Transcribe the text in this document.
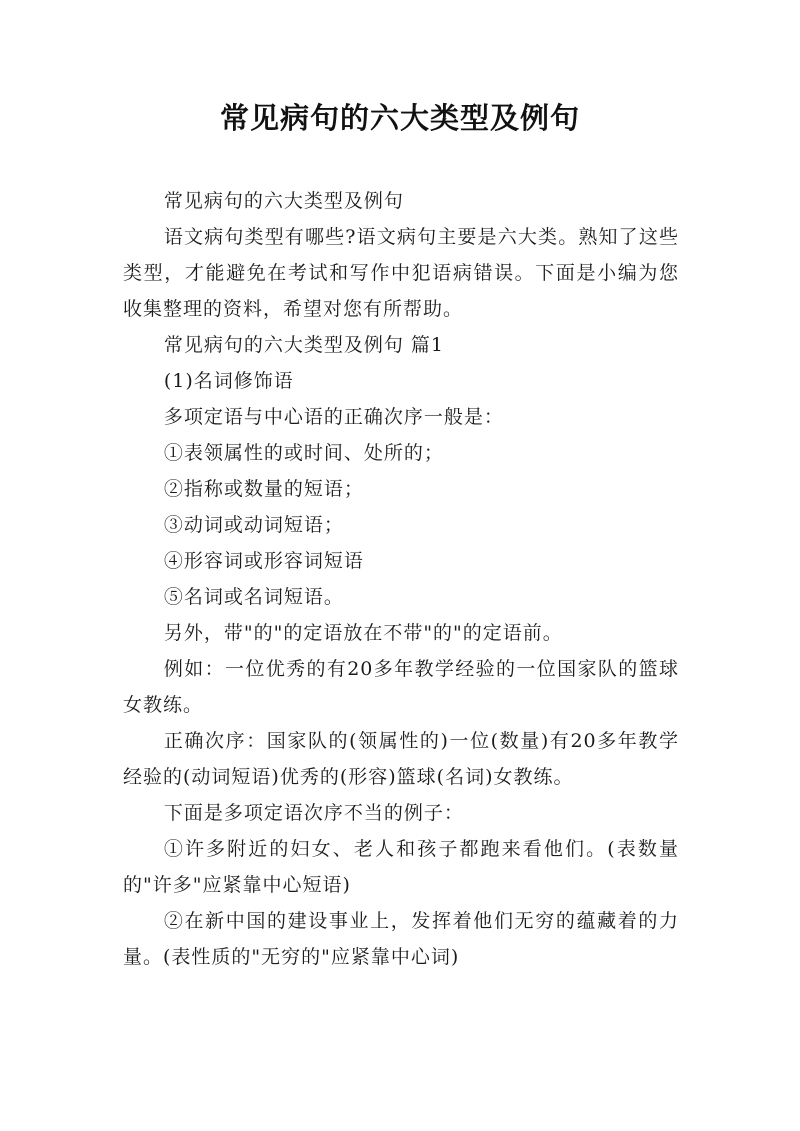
常见病句的六大类型及例句

常见病句的六大类型及例句

语文病句类型有哪些?语文病句主要是六大类。熟知了这些类型，才能避免在考试和写作中犯语病错误。下面是小编为您收集整理的资料，希望对您有所帮助。

常见病句的六大类型及例句 篇1

(1)名词修饰语

多项定语与中心语的正确次序一般是：

①表领属性的或时间、处所的；

②指称或数量的短语；

③动词或动词短语；

④形容词或形容词短语

⑤名词或名词短语。

另外，带"的"的定语放在不带"的"的定语前。

例如：一位优秀的有20多年教学经验的一位国家队的篮球女教练。

正确次序：国家队的(领属性的)一位(数量)有20多年教学经验的(动词短语)优秀的(形容)篮球(名词)女教练。

下面是多项定语次序不当的例子：

①许多附近的妇女、老人和孩子都跑来看他们。(表数量的"许多"应紧靠中心短语)

②在新中国的建设事业上，发挥着他们无穷的蕴藏着的力量。(表性质的"无穷的"应紧靠中心词)
